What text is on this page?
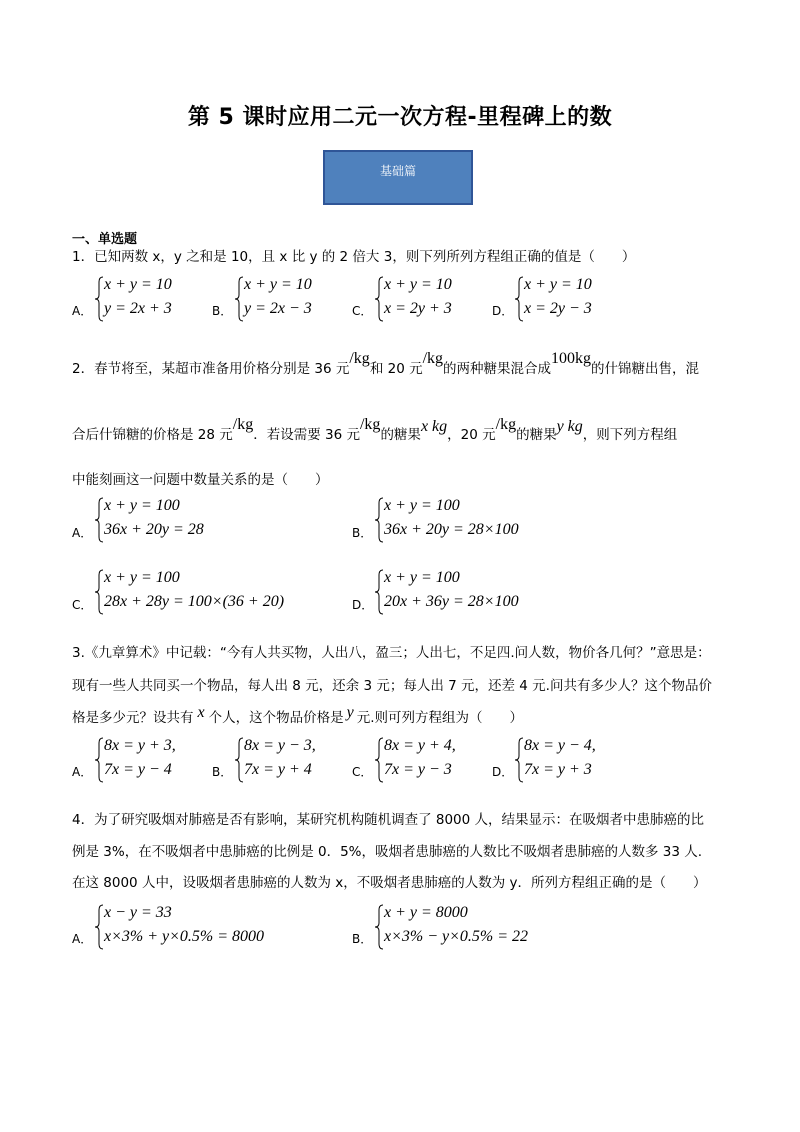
第 5 课时应用二元一次方程-里程碑上的数
基础篇
一、单选题
1．已知两数 x，y 之和是 10，且 x 比 y 的 2 倍大 3，则下列所列方程组正确的值是（　　）
A．
x + y = 10
y = 2x + 3	B．
x + y = 10
y = 2x − 3	C．
x + y = 10
x = 2y + 3	D．
x + y = 10
x = 2y − 3
2．春节将至，某超市准备用价格分别是 36 元/kg和 20 元/kg的两种糖果混合成100kg的什锦糖出售，混
合后什锦糖的价格是 28 元/kg．若设需要 36 元/kg的糖果x kg，20 元/kg的糖果y kg，则下列方程组
中能刻画这一问题中数量关系的是（　　）
A．
x + y = 100
36x + 20y = 28	B．
x + y = 100
36x + 20y = 28×100
C．
x + y = 100
28x + 28y = 100×(36 + 20)	D．
x + y = 100
20x + 36y = 28×100
3.《九章算术》中记载：“今有人共买物，人出八，盈三；人出七，不足四.问人数，物价各几何？”意思是：
现有一些人共同买一个物品，每人出 8 元，还余 3 元；每人出 7 元，还差 4 元.问共有多少人？这个物品价
格是多少元？设共有 x 个人，这个物品价格是 y 元.则可列方程组为（　　）
A．
8x = y + 3,
7x = y − 4	B．
8x = y − 3,
7x = y + 4	C．
8x = y + 4,
7x = y − 3	D．
8x = y − 4,
7x = y + 3
4．为了研究吸烟对肺癌是否有影响，某研究机构随机调查了 8000 人，结果显示：在吸烟者中患肺癌的比
例是 3%，在不吸烟者中患肺癌的比例是 0．5%，吸烟者患肺癌的人数比不吸烟者患肺癌的人数多 33 人.
在这 8000 人中，设吸烟者患肺癌的人数为 x，不吸烟者患肺癌的人数为 y．所列方程组正确的是（　　）
A．
x − y = 33
x×3% + y×0.5% = 8000	B．
x + y = 8000
x×3% − y×0.5% = 22
